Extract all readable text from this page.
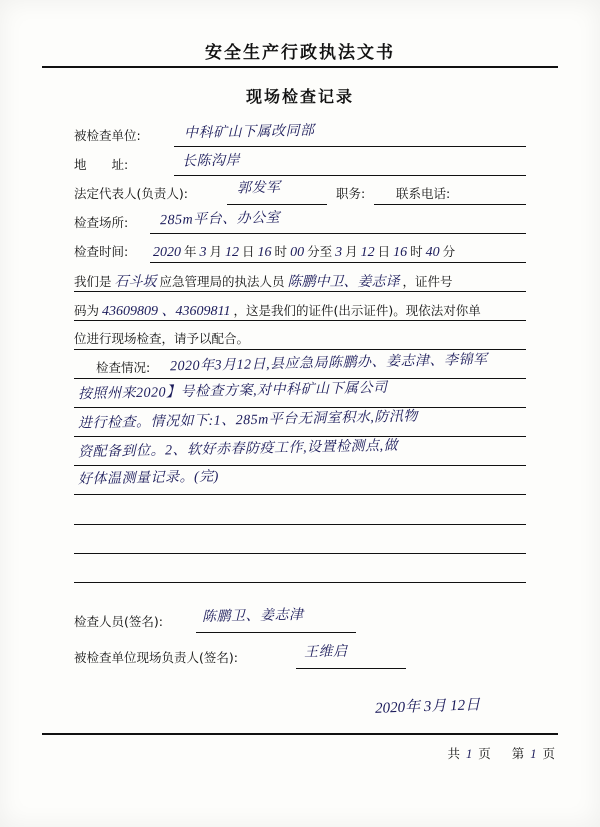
安全生产行政执法文书
现场检查记录
被检查单位:	中科矿山下属改同部
地　　址:	长陈沟岸
法定代表人(负责人):	郭发军	职务: 联系电话:
检查场所: 285m平台、办公室
检查时间: 2020 年 3 月 12 日 16 时 00 分至 3 月 12 日 16 时 40 分
我们是 石斗坂 应急管理局的执法人员 陈鹏中卫、姜志译 ，证件号
码为 43609809 、43609811 ，这是我们的证件(出示证件)。现依法对你单
位进行现场检查，请予以配合。
检查情况: 2020年3月12日,县应急局陈鹏办、姜志津、李锦军
按照州来2020】号检查方案,对中科矿山下属公司
进行检查。情况如下:1、285m平台无洞室积水,防汛物
资配备到位。2、软好赤春防疫工作,设置检测点,做
好体温测量记录。(完)
检查人员(签名):	陈鹏卫、姜志津
被检查单位现场负责人(签名):	王维启
2020年 3月 12日
共 1 页 第 1 页
